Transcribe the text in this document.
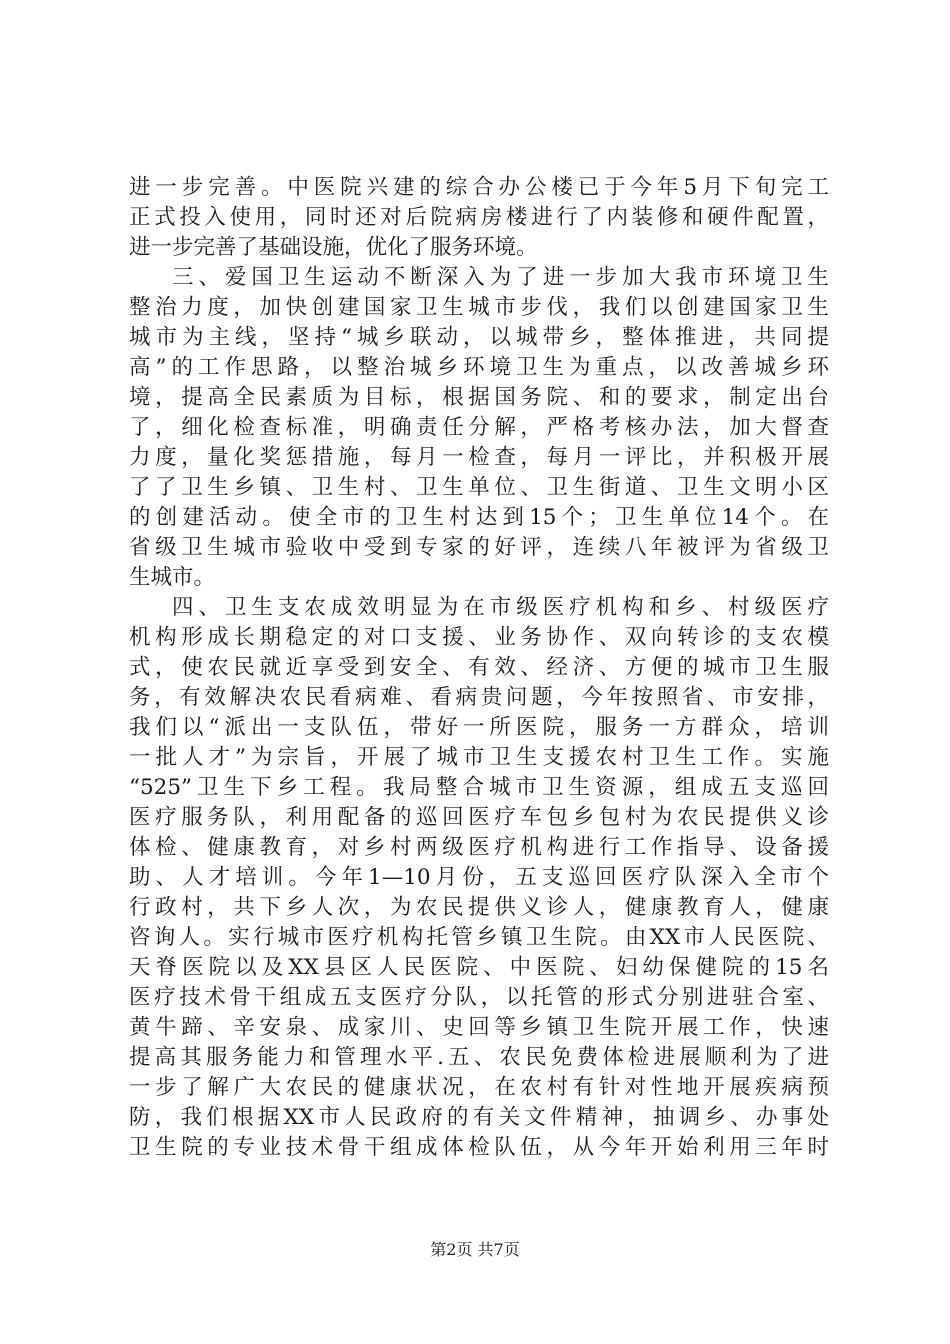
进一步完善。中医院兴建的综合办公楼已于今年5月下旬完工
正式投入使用，同时还对后院病房楼进行了内装修和硬件配置，
进一步完善了基础设施，优化了服务环境。
三、爱国卫生运动不断深入为了进一步加大我市环境卫生
整治力度，加快创建国家卫生城市步伐，我们以创建国家卫生
城市为主线，坚持“城乡联动，以城带乡，整体推进，共同提
高”的工作思路，以整治城乡环境卫生为重点，以改善城乡环
境，提高全民素质为目标，根据国务院、和的要求，制定出台
了，细化检查标准，明确责任分解，严格考核办法，加大督查
力度，量化奖惩措施，每月一检查，每月一评比，并积极开展
了了卫生乡镇、卫生村、卫生单位、卫生街道、卫生文明小区
的创建活动。使全市的卫生村达到15个；卫生单位14个。在
省级卫生城市验收中受到专家的好评，连续八年被评为省级卫
生城市。
四、卫生支农成效明显为在市级医疗机构和乡、村级医疗
机构形成长期稳定的对口支援、业务协作、双向转诊的支农模
式，使农民就近享受到安全、有效、经济、方便的城市卫生服
务，有效解决农民看病难、看病贵问题，今年按照省、市安排，
我们以“派出一支队伍，带好一所医院，服务一方群众，培训
一批人才”为宗旨，开展了城市卫生支援农村卫生工作。实施
“525”卫生下乡工程。我局整合城市卫生资源，组成五支巡回
医疗服务队，利用配备的巡回医疗车包乡包村为农民提供义诊
体检、健康教育，对乡村两级医疗机构进行工作指导、设备援
助、人才培训。今年1—10月份，五支巡回医疗队深入全市个
行政村，共下乡人次，为农民提供义诊人，健康教育人，健康
咨询人。实行城市医疗机构托管乡镇卫生院。由XX市人民医院、
天脊医院以及XX县区人民医院、中医院、妇幼保健院的15名
医疗技术骨干组成五支医疗分队，以托管的形式分别进驻合室、
黄牛蹄、辛安泉、成家川、史回等乡镇卫生院开展工作，快速
提高其服务能力和管理水平.五、农民免费体检进展顺利为了进
一步了解广大农民的健康状况，在农村有针对性地开展疾病预
防，我们根据XX市人民政府的有关文件精神，抽调乡、办事处
卫生院的专业技术骨干组成体检队伍，从今年开始利用三年时
第2页 共7页
